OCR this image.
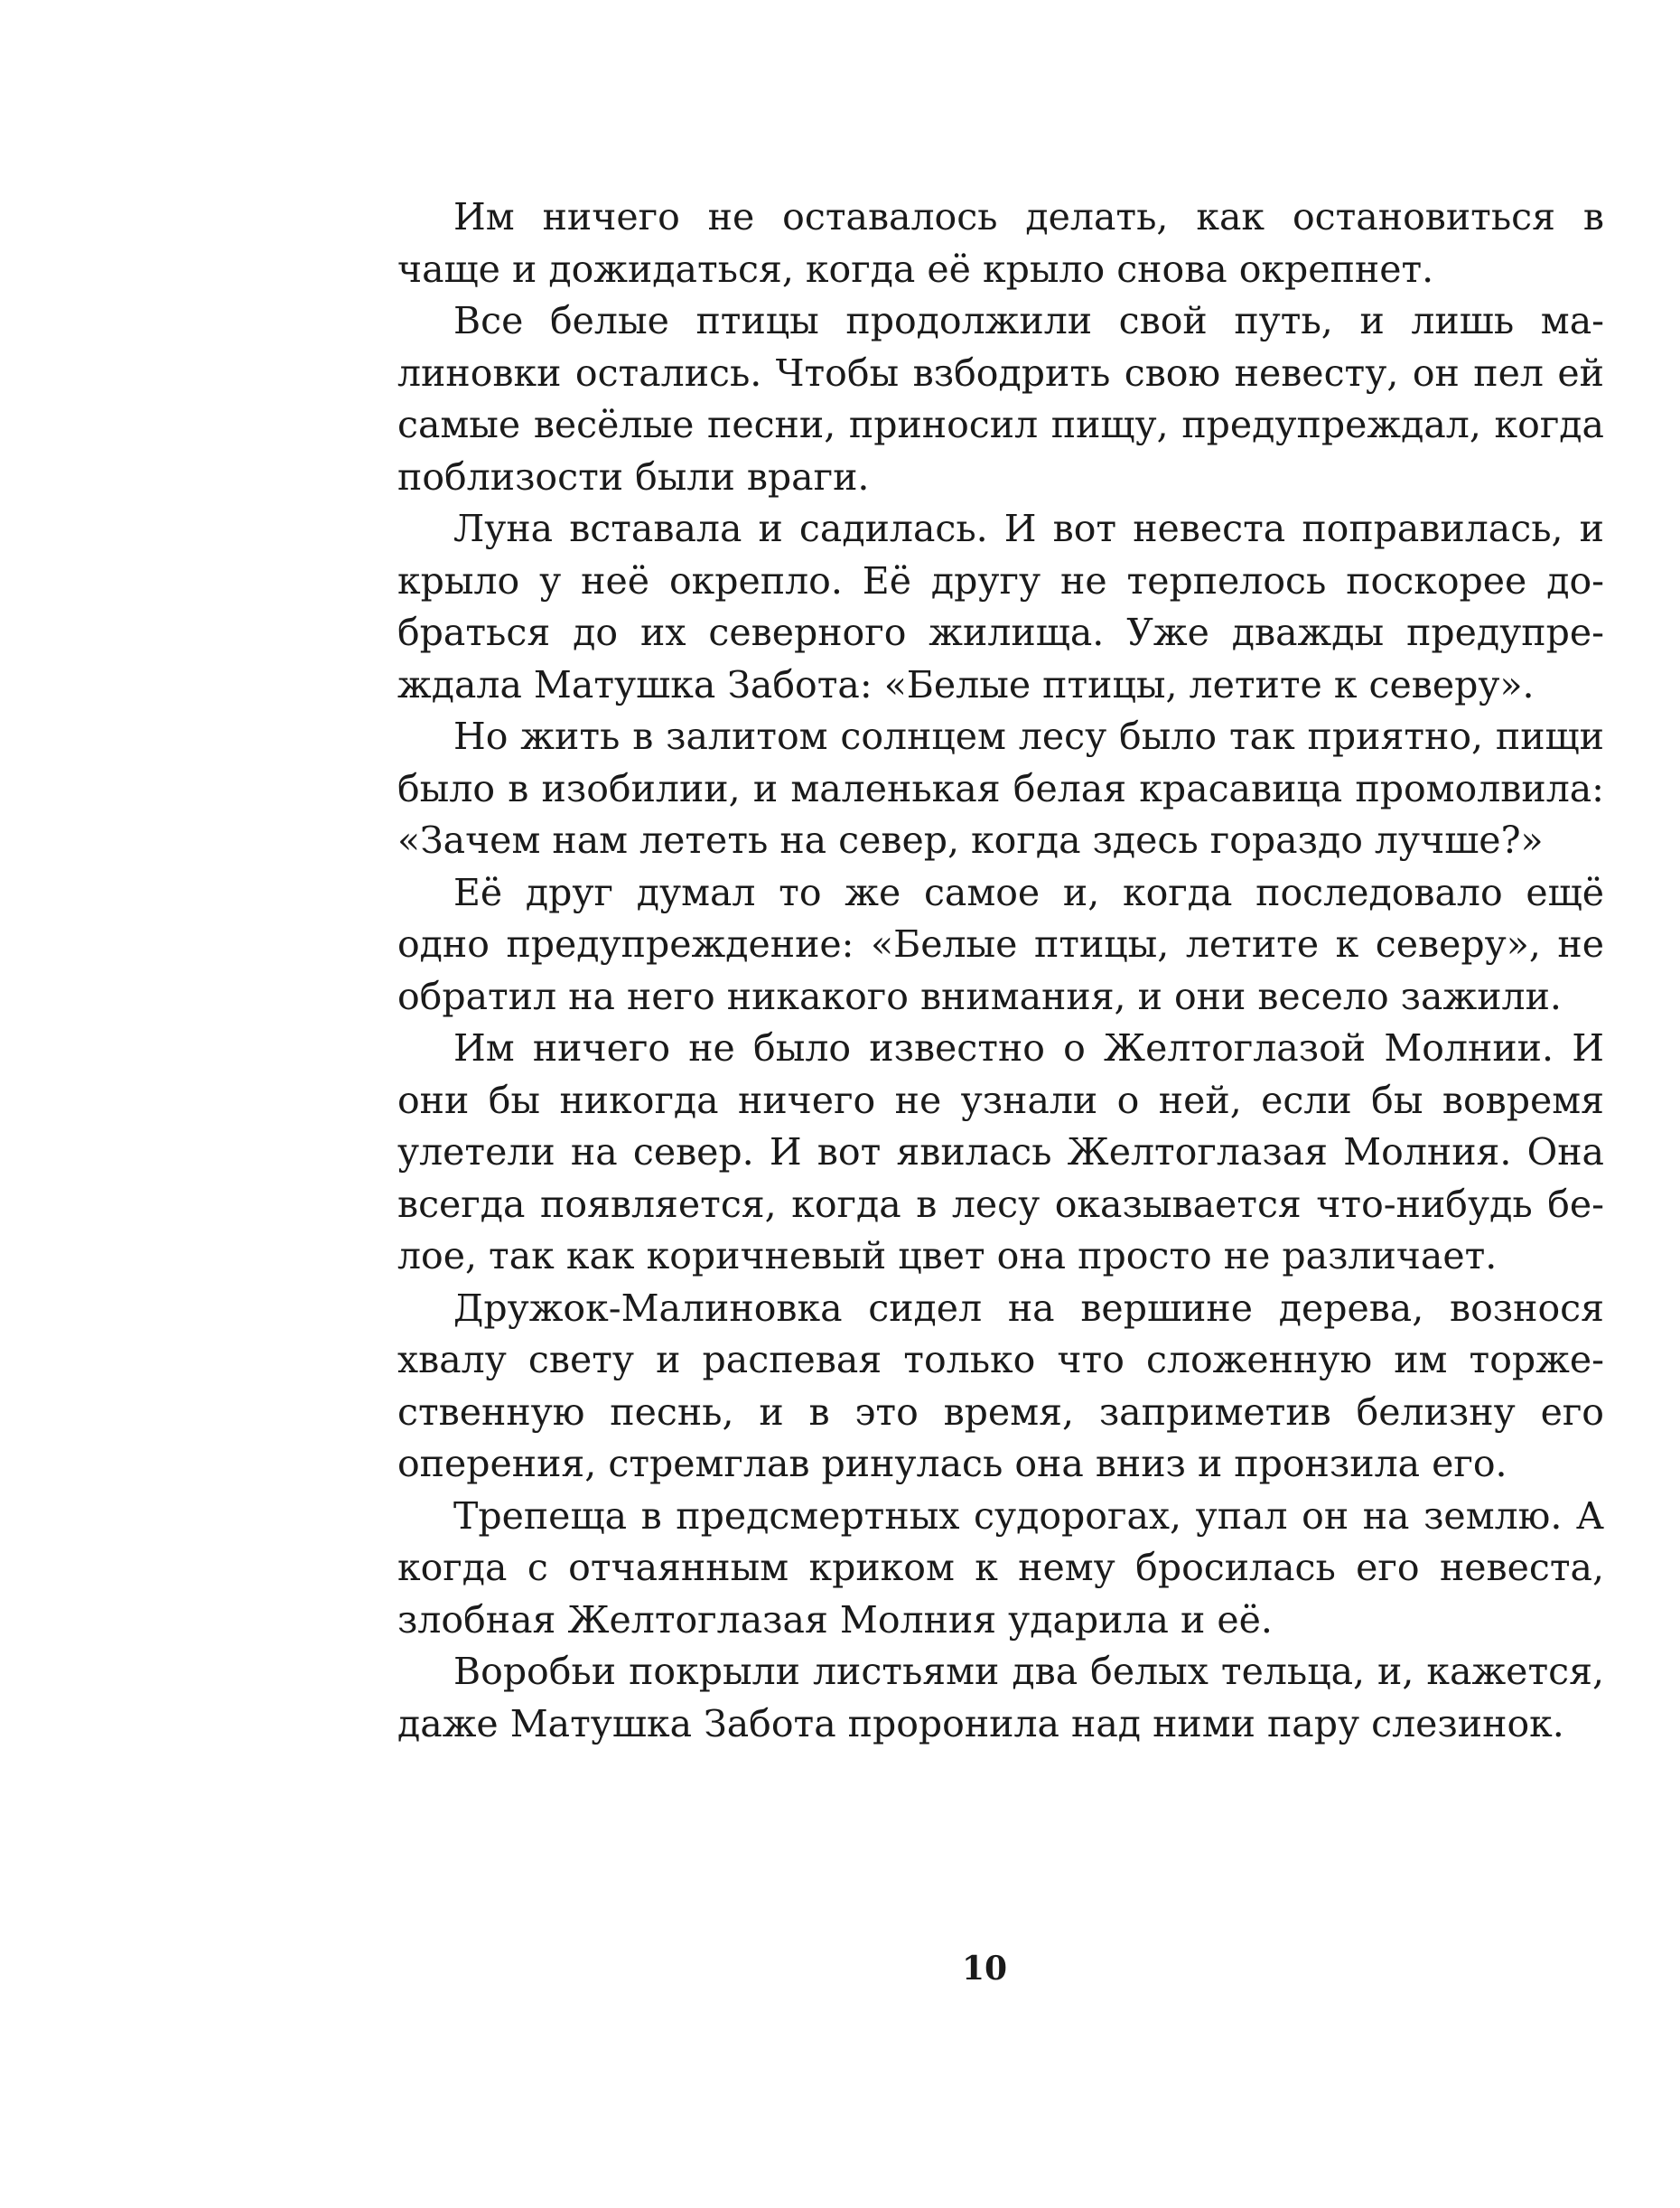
Им ничего не оставалось делать, как остановиться в чаще и дожидаться, когда её крыло снова окрепнет.

Все белые птицы продолжили свой путь, и лишь малиновки остались. Чтобы взбодрить свою невесту, он пел ей самые весёлые песни, приносил пищу, предупреждал, когда поблизости были враги.

Луна вставала и садилась. И вот невеста поправилась, и крыло у неё окрепло. Её другу не терпелось поскорее добраться до их северного жилища. Уже дважды предупреждала Матушка Забота: «Белые птицы, летите к северу».

Но жить в залитом солнцем лесу было так приятно, пищи было в изобилии, и маленькая белая красавица промолвила: «Зачем нам лететь на север, когда здесь гораздо лучше?»

Её друг думал то же самое и, когда последовало ещё одно предупреждение: «Белые птицы, летите к северу», не обратил на него никакого внимания, и они весело зажили.

Им ничего не было известно о Желтоглазой Молнии. И они бы никогда ничего не узнали о ней, если бы вовремя улетели на север. И вот явилась Желтоглазая Молния. Она всегда появляется, когда в лесу оказывается что-нибудь белое, так как коричневый цвет она просто не различает.

Дружок-Малиновка сидел на вершине дерева, вознося хвалу свету и распевая только что сложенную им торжественную песнь, и в это время, заприметив белизну его оперения, стремглав ринулась она вниз и пронзила его.

Трепеща в предсмертных судорогах, упал он на землю. А когда с отчаянным криком к нему бросилась его невеста, злобная Желтоглазая Молния ударила и её.

Воробьи покрыли листьями два белых тельца, и, кажется, даже Матушка Забота проронила над ними пару слезинок.

10
